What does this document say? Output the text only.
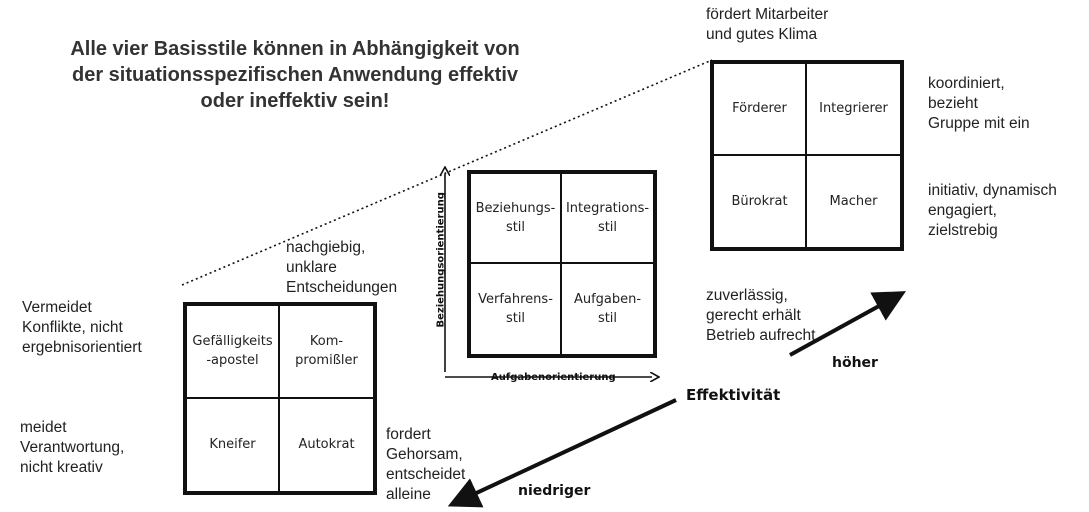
Alle vier Basisstile können in Abhängigkeit von
der situationsspezifischen Anwendung effektiv
oder ineffektiv sein!
Beziehungs-
stil
Integrations-
stil
Verfahrens-
stil
Aufgaben-
stil
Beziehungsorientierung
Aufgabenorientierung
Gefälligkeits
-apostel
Kom-
promißler
Kneifer	Autokrat
Förderer Integrierer
Bürokrat	Macher
fördert Mitarbeiter
und gutes Klima
koordiniert,
bezieht
Gruppe mit ein
initiativ, dynamisch
engagiert,
zielstrebig
nachgiebig,
unklare
Entscheidungen
Vermeidet
Konflikte, nicht
ergebnisorientiert
meidet
Verantwortung,
nicht kreativ
fordert
Gehorsam,
entscheidet
alleine
zuverlässig,
gerecht erhält
Betrieb aufrecht
Effektivität
höher
niedriger
